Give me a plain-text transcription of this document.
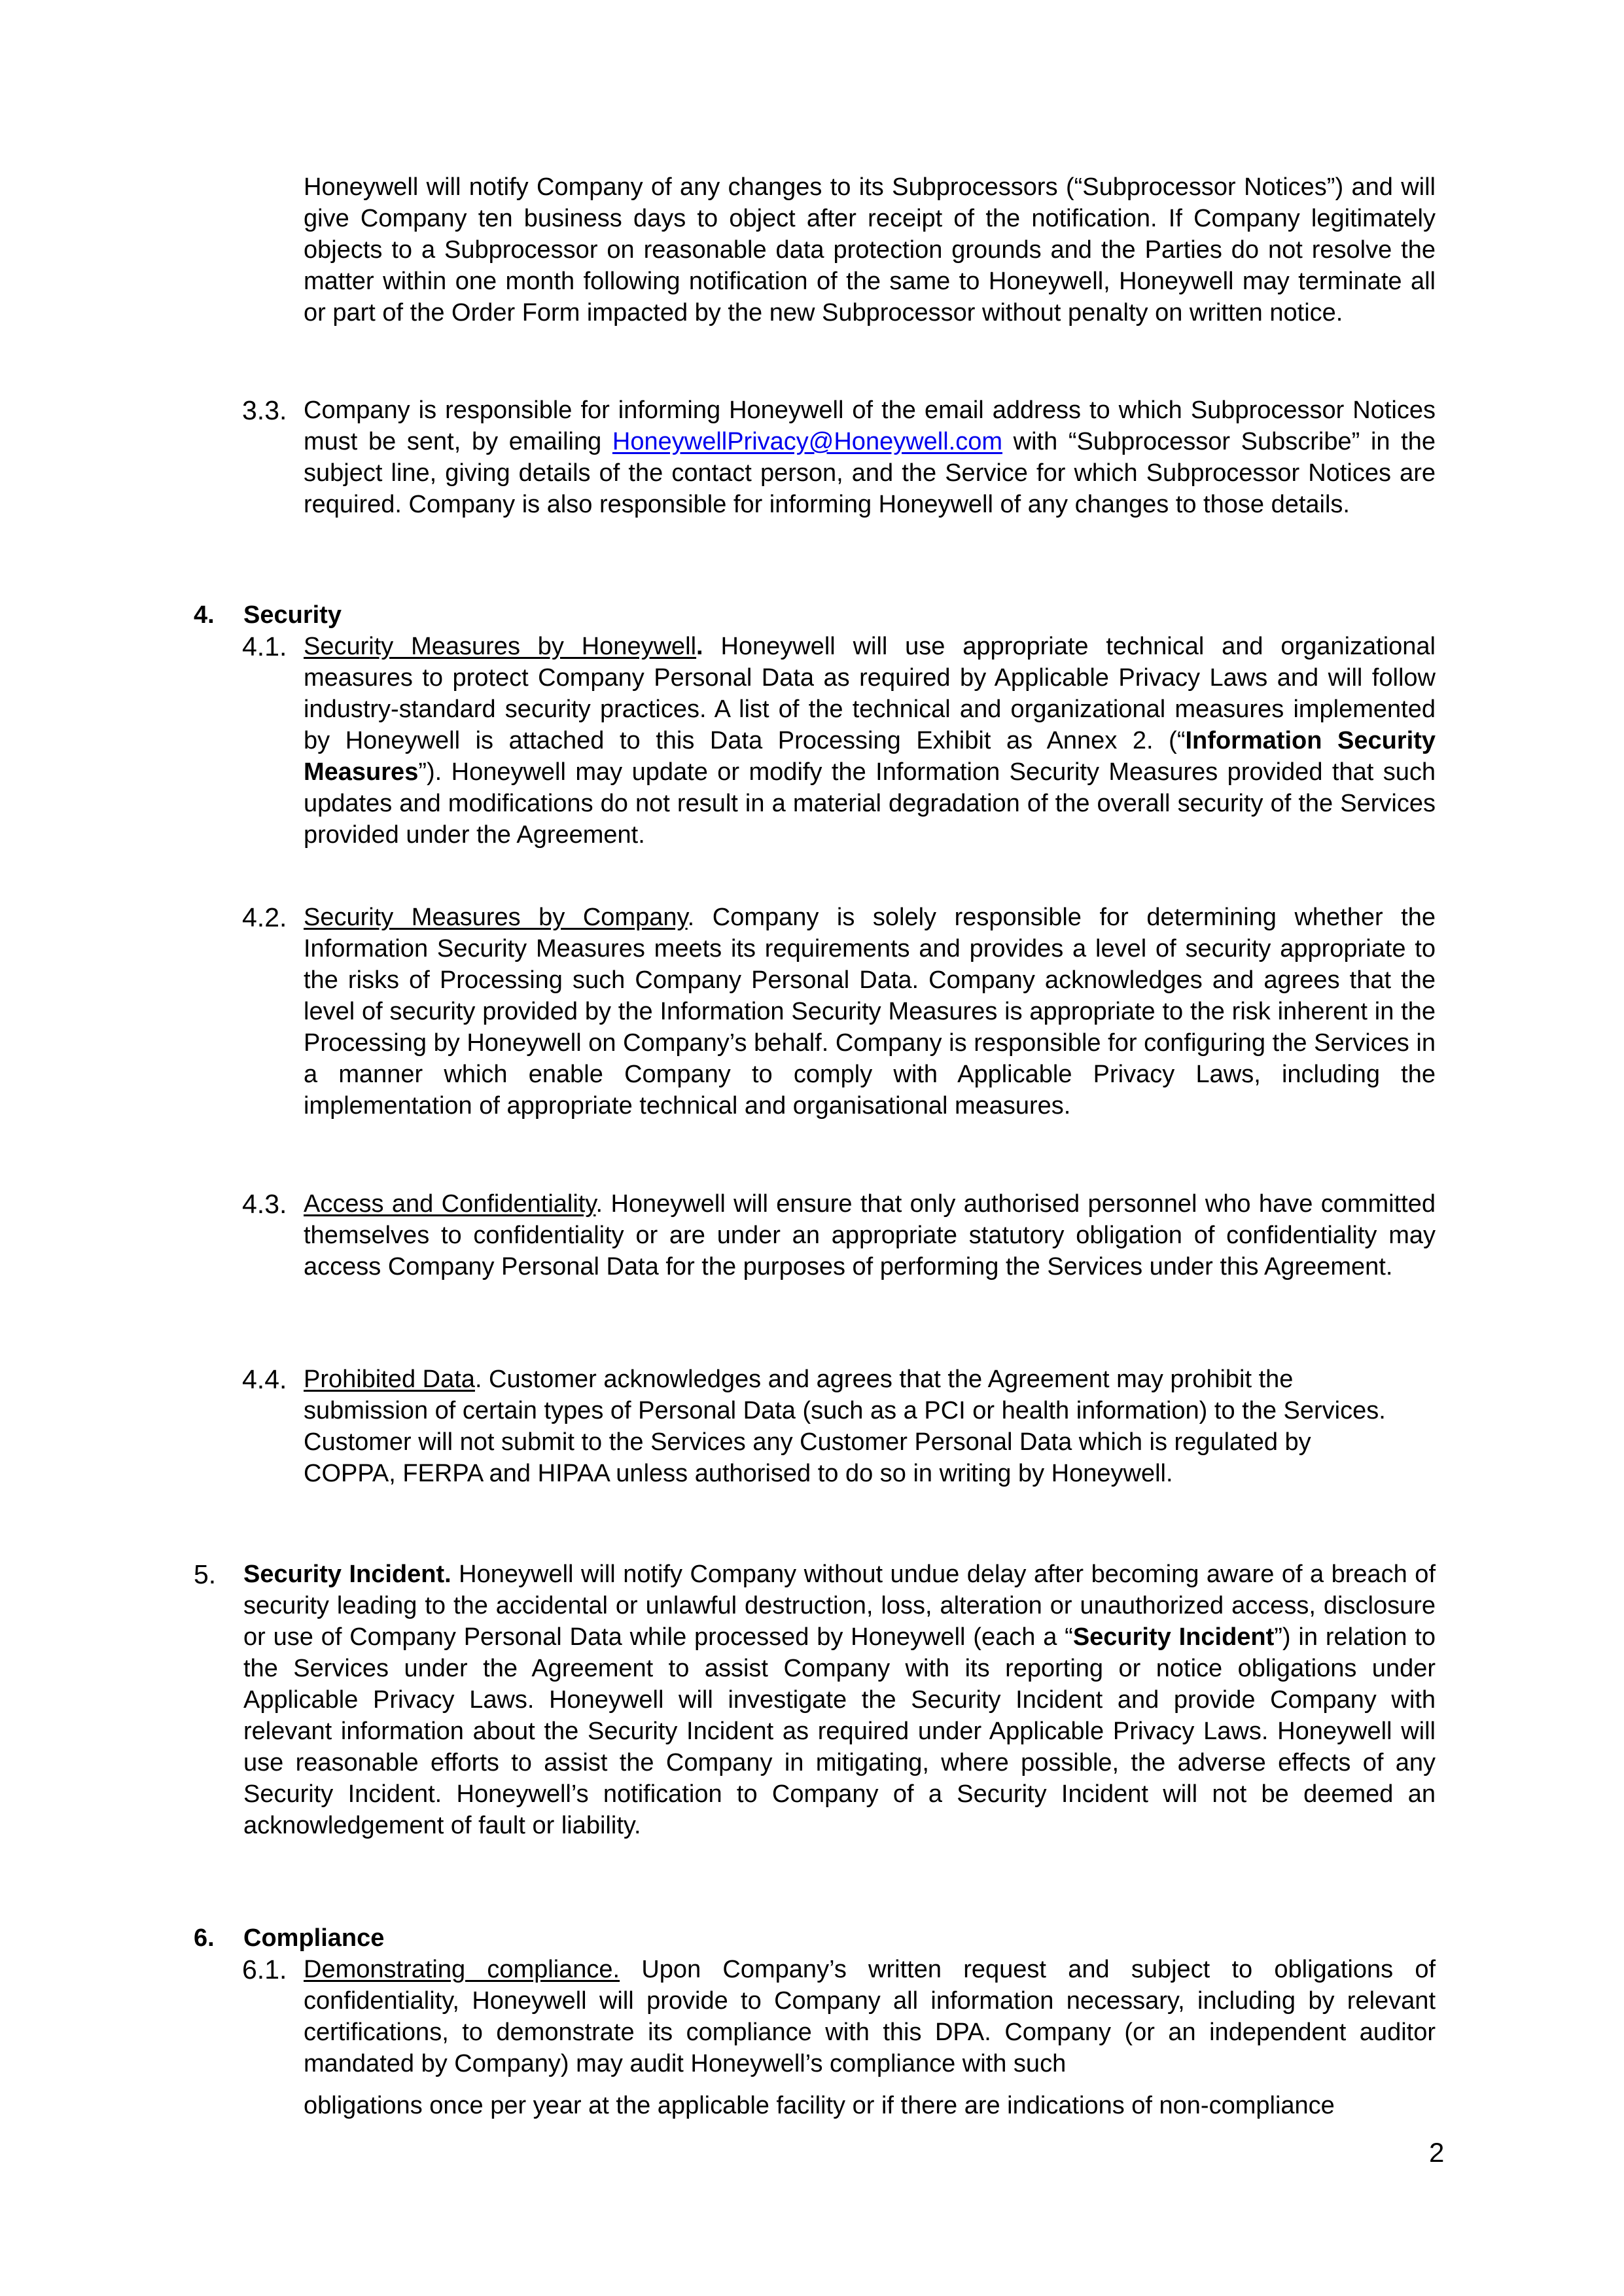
Honeywell will notify Company of any changes to its Subprocessors (“Subprocessor Notices”) and will give Company ten business days to object after receipt of the notification. If Company legitimately objects to a Subprocessor on reasonable data protection grounds and the Parties do not resolve the matter within one month following notification of the same to Honeywell, Honeywell may terminate all or part of the Order Form impacted by the new Subprocessor without penalty on written notice.

3.3. Company is responsible for informing Honeywell of the email address to which Subprocessor Notices must be sent, by emailing HoneywellPrivacy@Honeywell.com with “Subprocessor Subscribe” in the subject line, giving details of the contact person, and the Service for which Subprocessor Notices are required. Company is also responsible for informing Honeywell of any changes to those details.

4. Security
4.1. Security Measures by Honeywell. Honeywell will use appropriate technical and organizational measures to protect Company Personal Data as required by Applicable Privacy Laws and will follow industry-standard security practices. A list of the technical and organizational measures implemented by Honeywell is attached to this Data Processing Exhibit as Annex 2. (“Information Security Measures”). Honeywell may update or modify the Information Security Measures provided that such updates and modifications do not result in a material degradation of the overall security of the Services provided under the Agreement.

4.2. Security Measures by Company. Company is solely responsible for determining whether the Information Security Measures meets its requirements and provides a level of security appropriate to the risks of Processing such Company Personal Data. Company acknowledges and agrees that the level of security provided by the Information Security Measures is appropriate to the risk inherent in the Processing by Honeywell on Company’s behalf. Company is responsible for configuring the Services in a manner which enable Company to comply with Applicable Privacy Laws, including the implementation of appropriate technical and organisational measures.

4.3. Access and Confidentiality. Honeywell will ensure that only authorised personnel who have committed themselves to confidentiality or are under an appropriate statutory obligation of confidentiality may access Company Personal Data for the purposes of performing the Services under this Agreement.

4.4. Prohibited Data. Customer acknowledges and agrees that the Agreement may prohibit the submission of certain types of Personal Data (such as a PCI or health information) to the Services. Customer will not submit to the Services any Customer Personal Data which is regulated by COPPA, FERPA and HIPAA unless authorised to do so in writing by Honeywell.

5. Security Incident. Honeywell will notify Company without undue delay after becoming aware of a breach of security leading to the accidental or unlawful destruction, loss, alteration or unauthorized access, disclosure or use of Company Personal Data while processed by Honeywell (each a “Security Incident”) in relation to the Services under the Agreement to assist Company with its reporting or notice obligations under Applicable Privacy Laws. Honeywell will investigate the Security Incident and provide Company with relevant information about the Security Incident as required under Applicable Privacy Laws. Honeywell will use reasonable efforts to assist the Company in mitigating, where possible, the adverse effects of any Security Incident. Honeywell’s notification to Company of a Security Incident will not be deemed an acknowledgement of fault or liability.

6. Compliance
6.1. Demonstrating compliance. Upon Company’s written request and subject to obligations of confidentiality, Honeywell will provide to Company all information necessary, including by relevant certifications, to demonstrate its compliance with this DPA. Company (or an independent auditor mandated by Company) may audit Honeywell’s compliance with such

obligations once per year at the applicable facility or if there are indications of non-compliance

2
